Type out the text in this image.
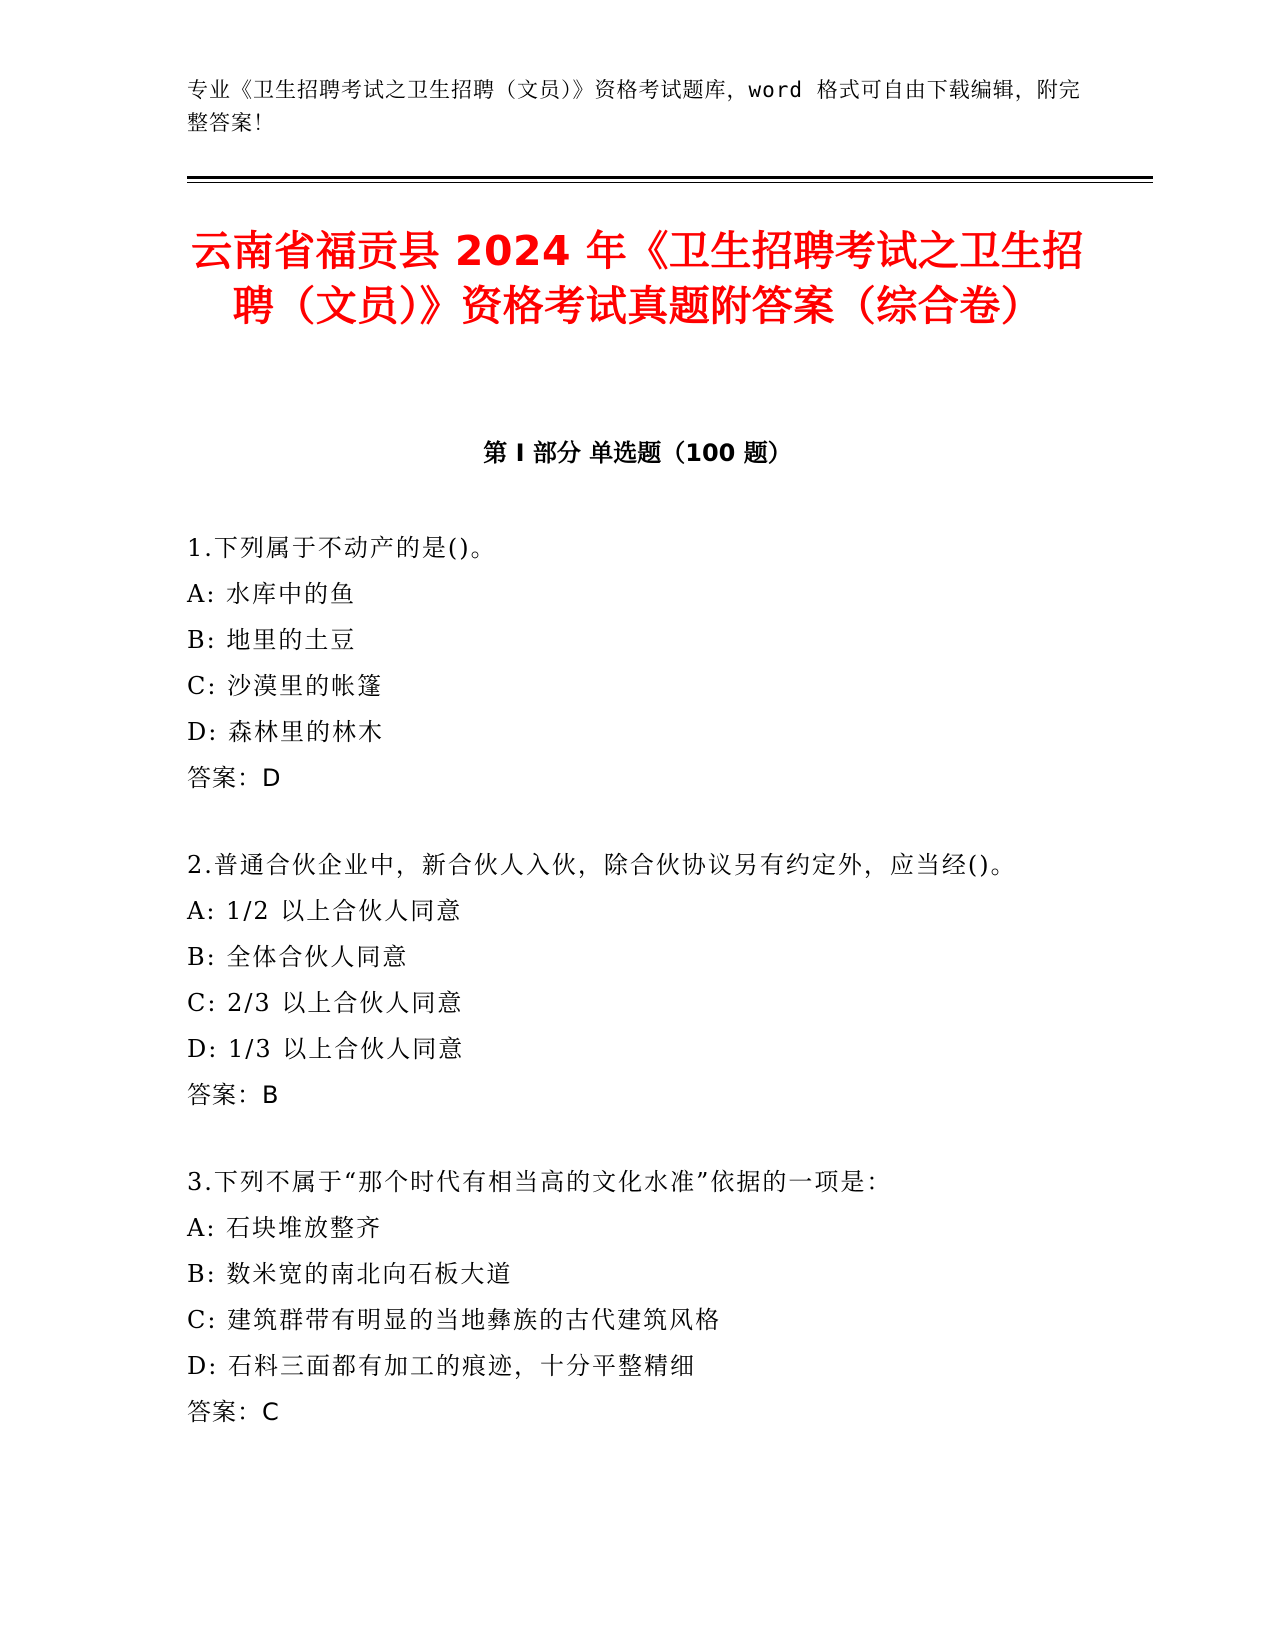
专业《卫生招聘考试之卫生招聘（文员）》资格考试题库，word 格式可自由下载编辑，附完整答案！
云南省福贡县 2024 年《卫生招聘考试之卫生招聘（文员）》资格考试真题附答案（综合卷）
第 I 部分 单选题（100 题）
1.下列属于不动产的是()。
A: 水库中的鱼
B: 地里的土豆
C: 沙漠里的帐篷
D: 森林里的林木
答案：D
2.普通合伙企业中，新合伙人入伙，除合伙协议另有约定外，应当经()。
A: 1/2 以上合伙人同意
B: 全体合伙人同意
C: 2/3 以上合伙人同意
D: 1/3 以上合伙人同意
答案：B
3.下列不属于“那个时代有相当高的文化水准”依据的一项是：
A: 石块堆放整齐
B: 数米宽的南北向石板大道
C: 建筑群带有明显的当地彝族的古代建筑风格
D: 石料三面都有加工的痕迹，十分平整精细
答案：C
